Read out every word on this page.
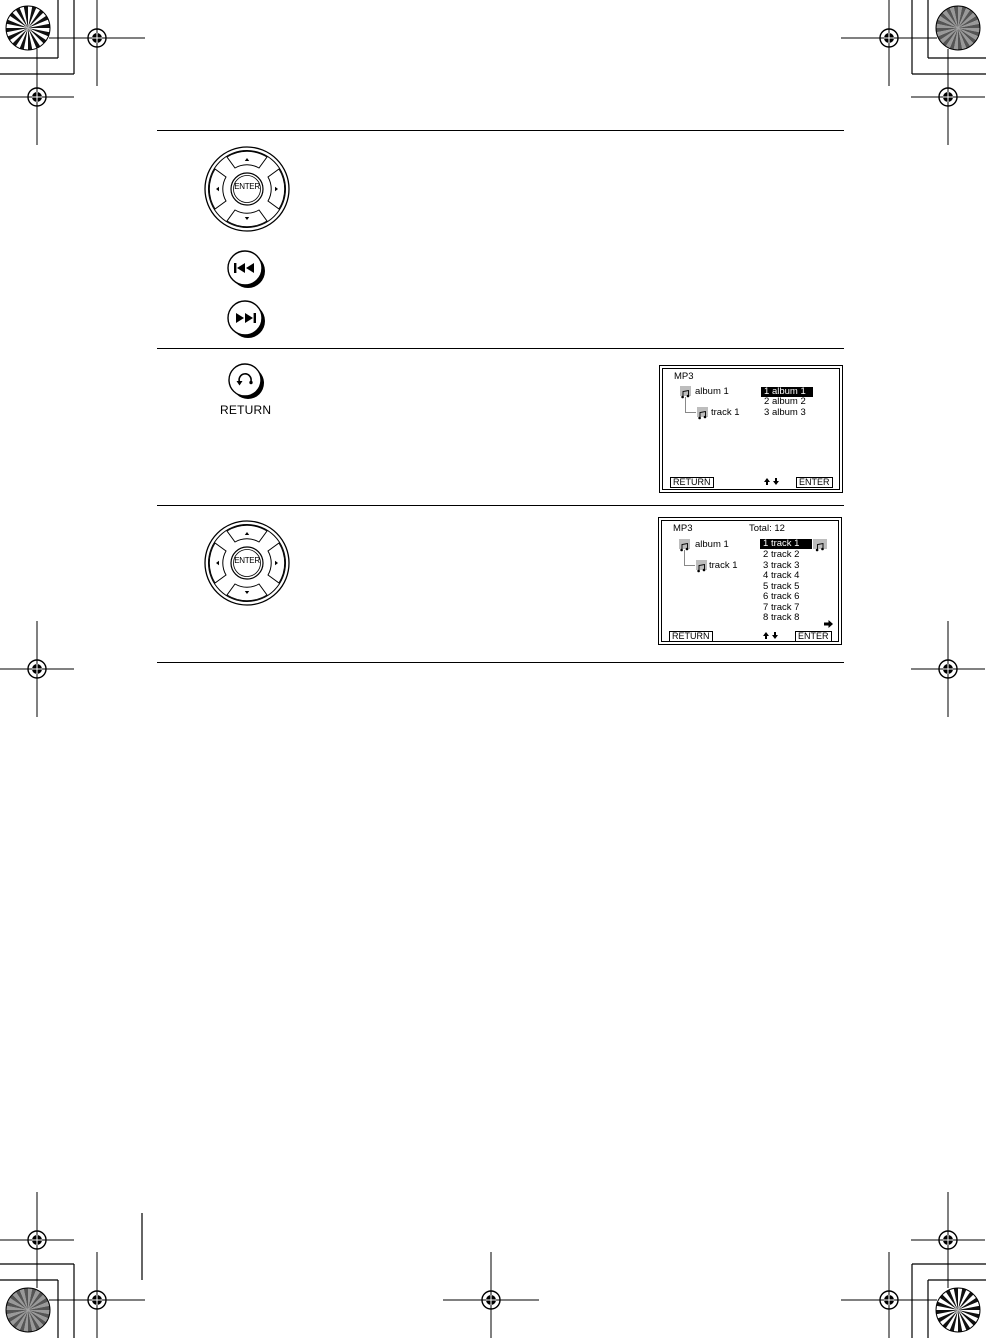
ENTER
RETURN
MP3
album 1
track 1
1 album 1
2 album 2
3 album 3
RETURN	ENTER
ENTER
MP3	Total: 12
album 1
track 1
1 track 1
2 track 2
3 track 3
4 track 4
5 track 5
6 track 6
7 track 7
8 track 8
RETURN	ENTER
